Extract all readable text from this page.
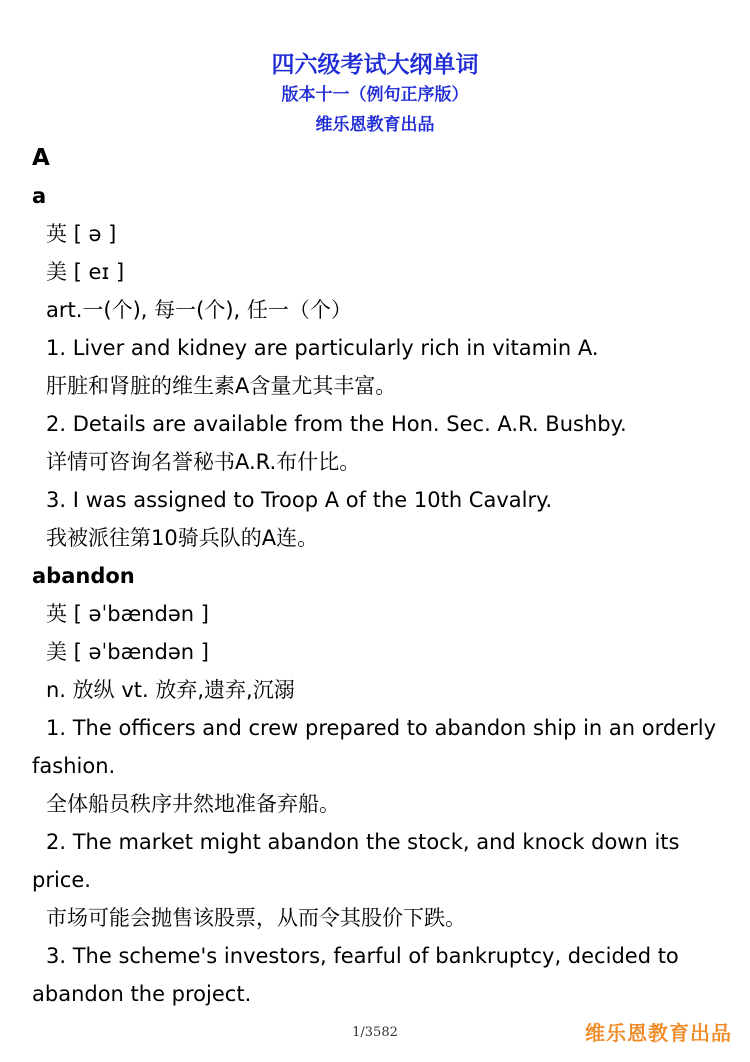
四六级考试大纲单词
版本十一（例句正序版）
维乐恩教育出品
A
a
英 [ ə ]
美 [ eɪ ]
art.一(个), 每一(个), 任一（个）
1. Liver and kidney are particularly rich in vitamin A.
肝脏和肾脏的维生素A含量尤其丰富。
2. Details are available from the Hon. Sec. A.R. Bushby.
详情可咨询名誉秘书A.R.布什比。
3. I was assigned to Troop A of the 10th Cavalry.
我被派往第10骑兵队的A连。
abandon
英 [ əˈbændən ]
美 [ əˈbændən ]
n. 放纵 vt. 放弃,遗弃,沉溺
1. The officers and crew prepared to abandon ship in an orderly fashion.
全体船员秩序井然地准备弃船。
2. The market might abandon the stock, and knock down its price.
市场可能会抛售该股票，从而令其股价下跌。
3. The scheme's investors, fearful of bankruptcy, decided to abandon the project.
1/3582	维乐恩教育出品
